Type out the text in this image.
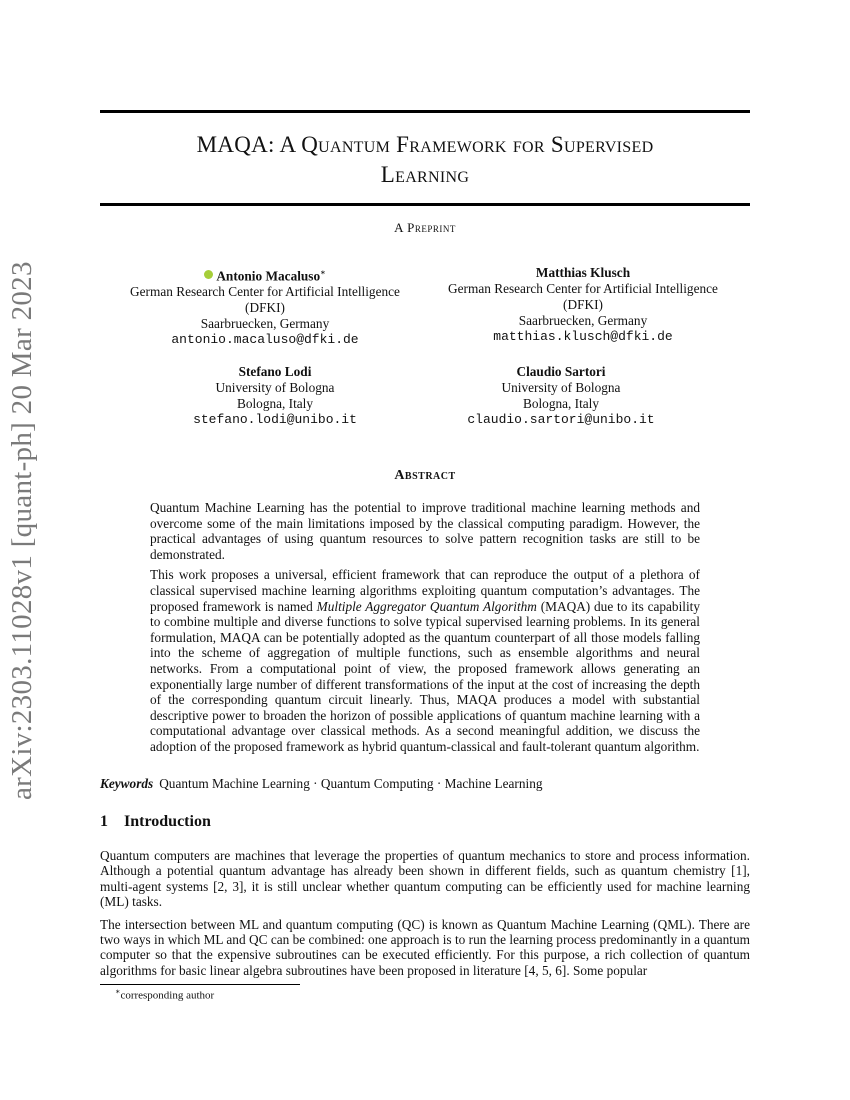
arXiv:2303.11028v1 [quant-ph] 20 Mar 2023
MAQA: A Quantum Framework for Supervised
Learning
A Preprint
Antonio Macaluso∗
German Research Center for Artificial Intelligence
(DFKI)
Saarbruecken, Germany
antonio.macaluso@dfki.de
Matthias Klusch
German Research Center for Artificial Intelligence
(DFKI)
Saarbruecken, Germany
matthias.klusch@dfki.de
Stefano Lodi
University of Bologna
Bologna, Italy
stefano.lodi@unibo.it
Claudio Sartori
University of Bologna
Bologna, Italy
claudio.sartori@unibo.it
Abstract

Quantum Machine Learning has the potential to improve traditional machine learning methods and overcome some of the main limitations imposed by the classical computing paradigm. However, the practical advantages of using quantum resources to solve pattern recognition tasks are still to be demonstrated.

This work proposes a universal, efficient framework that can reproduce the output of a plethora of classical supervised machine learning algorithms exploiting quantum computation’s advantages. The proposed framework is named Multiple Aggregator Quantum Algorithm (MAQA) due to its capability to combine multiple and diverse functions to solve typical supervised learning problems. In its general formulation, MAQA can be potentially adopted as the quantum counterpart of all those models falling into the scheme of aggregation of multiple functions, such as ensemble algorithms and neural networks. From a computational point of view, the proposed framework allows generating an exponentially large number of different transformations of the input at the cost of increasing the depth of the corresponding quantum circuit linearly. Thus, MAQA produces a model with substantial descriptive power to broaden the horizon of possible applications of quantum machine learning with a computational advantage over classical methods. As a second meaningful addition, we discuss the adoption of the proposed framework as hybrid quantum-classical and fault-tolerant quantum algorithm.

Keywords Quantum Machine Learning · Quantum Computing · Machine Learning
1 Introduction

Quantum computers are machines that leverage the properties of quantum mechanics to store and process information. Although a potential quantum advantage has already been shown in different fields, such as quantum chemistry [1], multi-agent systems [2, 3], it is still unclear whether quantum computing can be efficiently used for machine learning (ML) tasks.

The intersection between ML and quantum computing (QC) is known as Quantum Machine Learning (QML). There are two ways in which ML and QC can be combined: one approach is to run the learning process predominantly in a quantum computer so that the expensive subroutines can be executed efficiently. For this purpose, a rich collection of quantum algorithms for basic linear algebra subroutines have been proposed in literature [4, 5, 6]. Some popular

∗corresponding author
